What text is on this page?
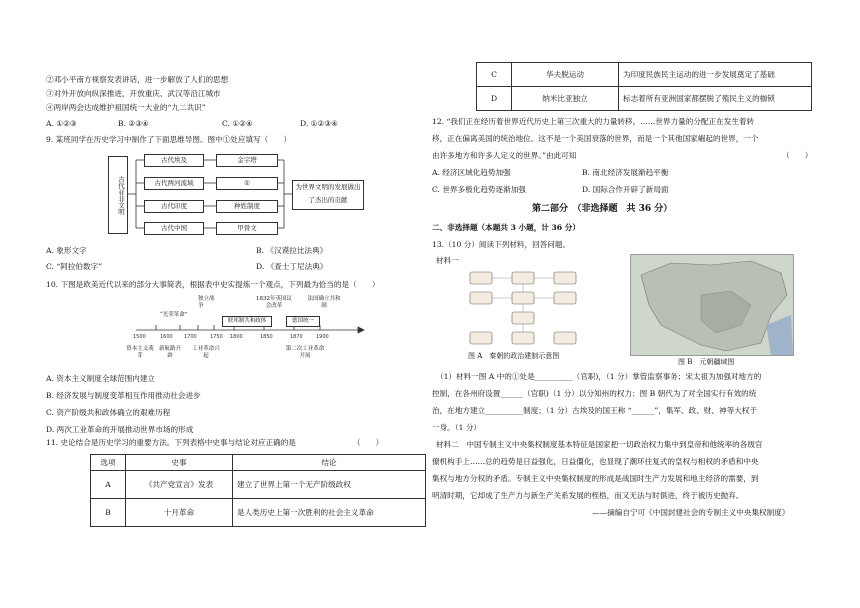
②邓小平南方视察发表讲话，进一步解放了人们的思想
③对外开放向纵深推进，开放重庆、武汉等沿江城市
④两岸两会达成维护祖国统一大业的“九二共识”
A. ①②③	B. ②③④	C. ①②④	D. ①②③④
9. 某班同学在历史学习中制作了下面思维导图。图中①处应填写（　　）
古代亚非文明
古代埃及
古代两河流域
古代印度
古代中国
金字塔
①
种姓制度
甲骨文
为世界文明的发展做出了杰出的贡献
A. 象形文字	B. 《汉谟拉比法典》
C. “阿拉伯数字”	D. 《查士丁尼法典》
10. 下图是欧美近代以来的部分大事简表，根据表中史实提炼一个观点，下列最为恰当的是（　　）
1500	1600 1700	1750 1800	1850	1870	1900
“光荣革命”
独立战争
1832年英国议会改革
法国确立共和制
联邦制共和政体	德国统一
资本主义萌芽
新航路开辟
工业革命兴起
第二次工业革命开展
A. 资本主义制度全球范围内建立
B. 经济发展与制度变革相互作用推动社会进步
C. 资产阶级共和政体确立的艰难历程
D. 两次工业革命的开展推动世界市场的形成
11. 史论结合是历史学习的重要方法。下列表格中史事与结论对应正确的是　　　　　　　　（　　）
选项	史事	结论
A	《共产党宣言》发表	建立了世界上第一个无产阶级政权
B	十月革命	是人类历史上第一次胜利的社会主义革命
C	华夫脱运动	为印度民族民主运动的进一步发展奠定了基础
D	纳米比亚独立	标志着所有亚洲国家都摆脱了殖民主义的枷锁
12. “我们正在经历着世界近代历史上第三次重大的力量转移。……世界力量的分配正在发生着转
移，正在偏离美国的统治地位。这不是一个美国衰落的世界，而是一个其他国家崛起的世界，一个
由许多地方和许多人定义的世界。”由此可知	（　　）
A. 经济区域化趋势加强	B. 南北经济发展渐趋平衡
C. 世界多极化趋势逐渐加强	D. 国际合作开辟了新局面
第二部分　（非选择题　共 36 分）
二、非选择题（本题共 3 小题，计 36 分）
13.（10 分）阅读下列材料，回答问题。
材料一
图 A　秦朝的政治建制示意图
图 B　元朝疆域图
（1）材料一图 A 中的①处是__________（官职)，（1 分）掌管监察事务；宋太祖为加强对地方的
控制，在各州府设置______（官职)（1 分）以分知州的权力；图 B 朝代为了对全国实行有效的统
治，在地方建立__________制度；（1 分）古埃及的国王称 “______”，集军、政、财、神等大权于
一身。（1 分）
材料二　中国专制主义中央集权制度基本特征是国家把一切政治权力集中到皇帝和他统率的各级官
僚机构手上……总的趋势是日益强化，日益僵化，也显现了潮环往复式的皇权与相权的矛盾和中央
集权与地方分权的矛盾。专制主义中央集权制度的形成是战国时生产力发展和地主经济的需要，到
明清时期，它却成了生产力与新生产关系发展的桎梏，而又无法与时俱进，终于被历史抛弃。
——摘编自宁可《中国封建社会的专制主义中央集权制度》
